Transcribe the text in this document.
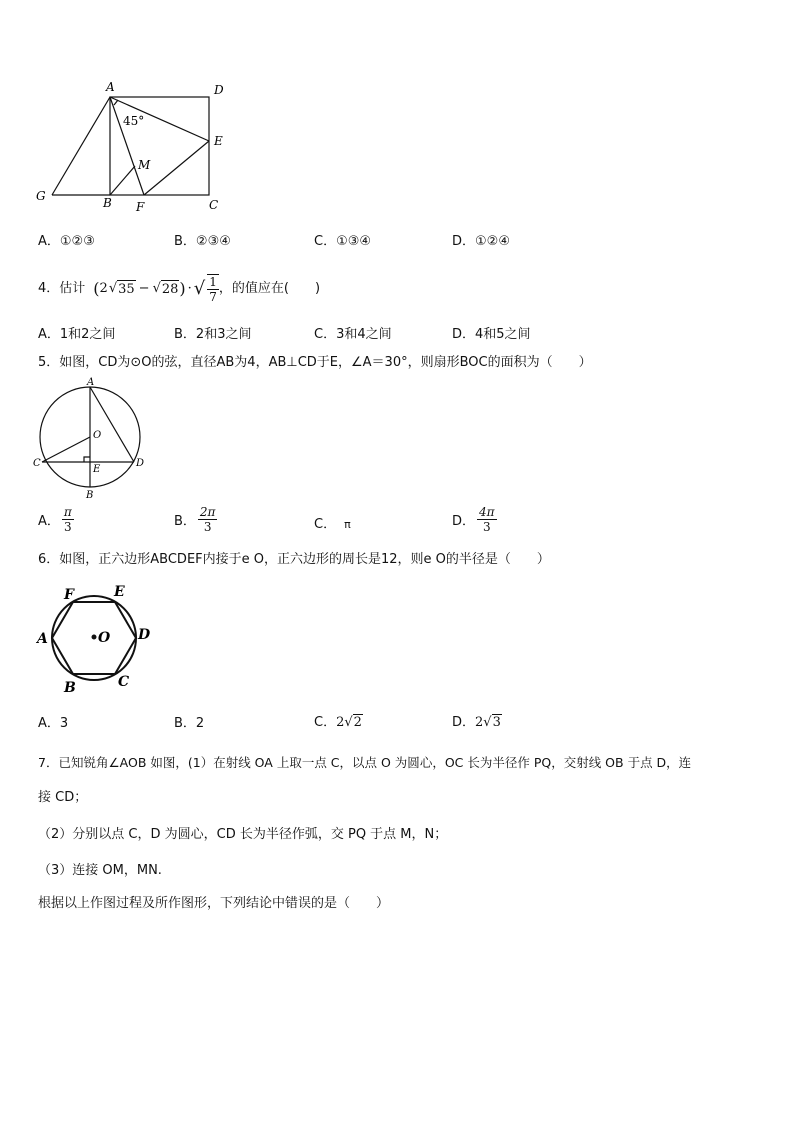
A	D
E
M
G	B F	C
45°
A．①②③	B．②③④	C．①③④	D．①②④
4．估计 ( 2 √ 35 − √ 28 ) · √ $\frac{1}{7}$ ，的值应在(　　)
A．1和2之间	B．2和3之间	C．3和4之间	D．4和5之间
5．如图，CD为⊙O的弦，直径AB为4，AB⊥CD于E，∠A＝30°，则扇形BOC的面积为（　　）
A
O
C
E
D
B
A． $\frac{\pi}{3}$	B． $\frac{2\pi}{3}$	C． π	D． $\frac{4\pi}{3}$
6．如图，正六边形ABCDEF内接于e O，正六边形的周长是12，则e O的半径是（　　）
A
B	C
D
E
F
O
A．3	B．2	C．2√2	D．2√3
7．已知锐角∠AOB 如图，(1）在射线 OA 上取一点 C，以点 O 为圆心，OC 长为半径作 PQ，交射线 OB 于点 D，连
接 CD；
（2）分别以点 C，D 为圆心，CD 长为半径作弧，交 PQ 于点 M，N；
（3）连接 OM，MN.
根据以上作图过程及所作图形，下列结论中错误的是（　　）
